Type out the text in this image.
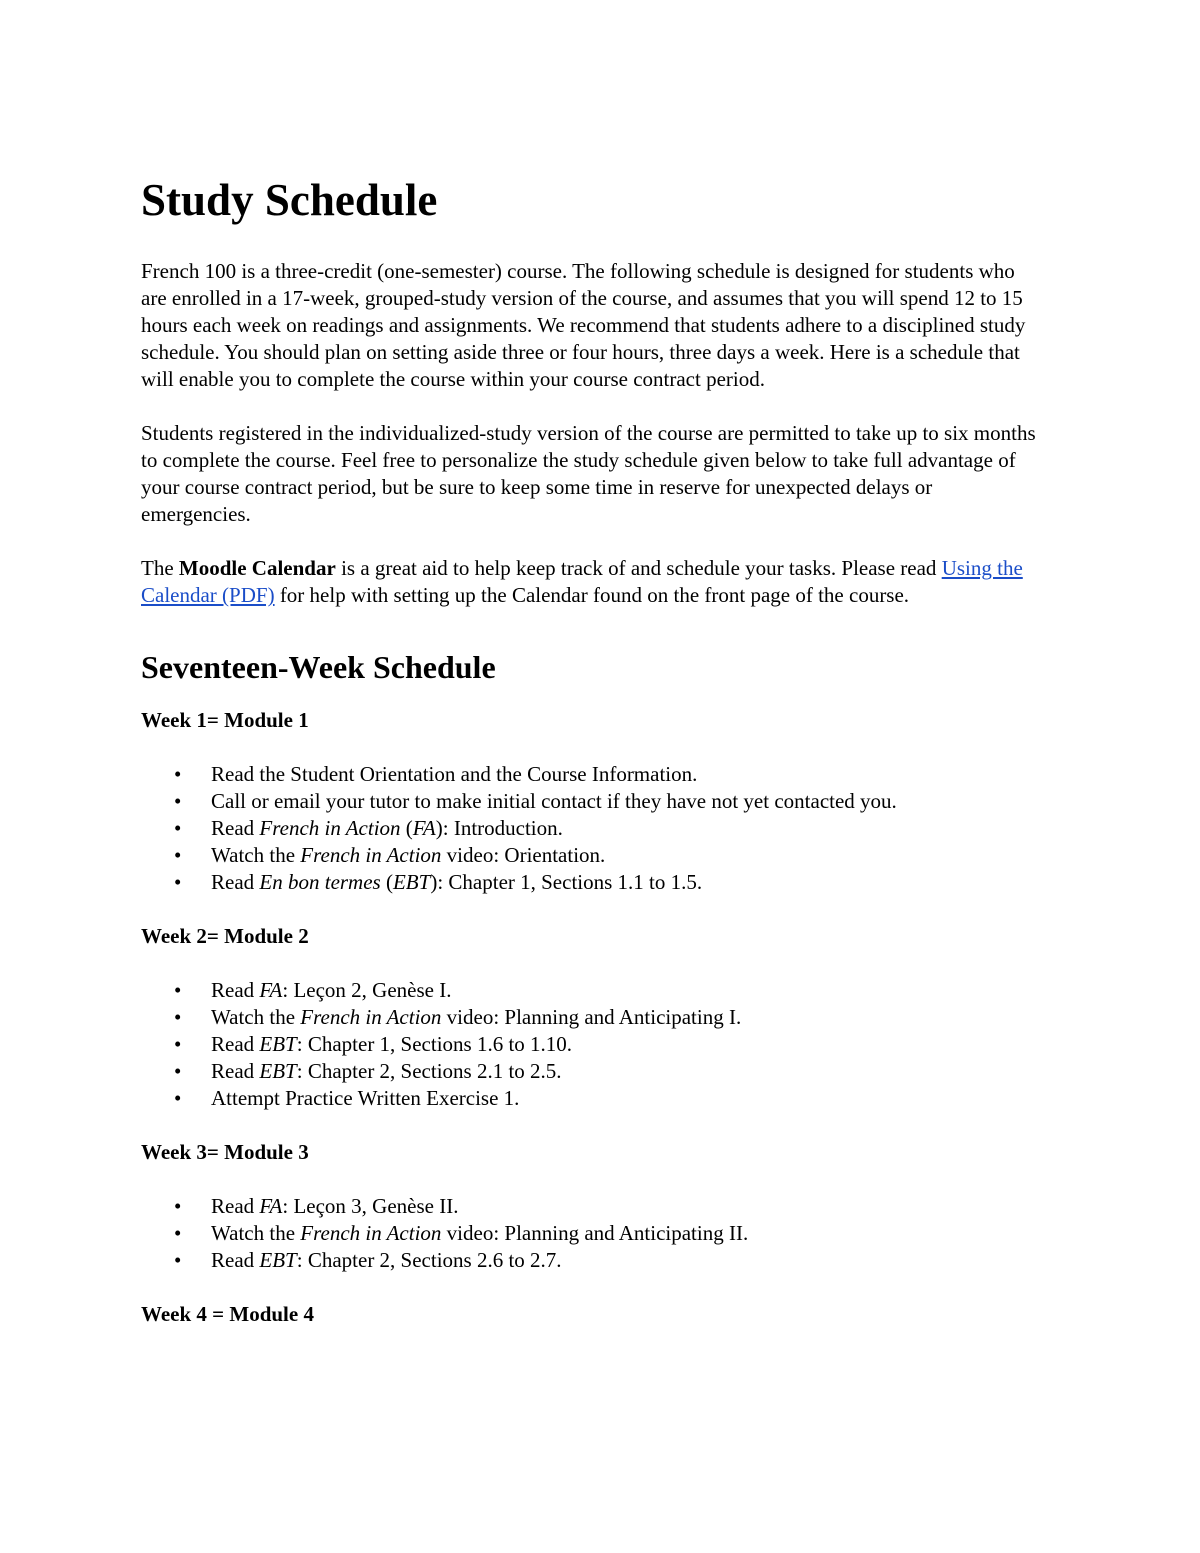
Study Schedule

French 100 is a three-credit (one-semester) course. The following schedule is designed for students who are enrolled in a 17-week, grouped-study version of the course, and assumes that you will spend 12 to 15 hours each week on readings and assignments. We recommend that students adhere to a disciplined study schedule. You should plan on setting aside three or four hours, three days a week. Here is a schedule that will enable you to complete the course within your course contract period.

Students registered in the individualized-study version of the course are permitted to take up to six months to complete the course. Feel free to personalize the study schedule given below to take full advantage of your course contract period, but be sure to keep some time in reserve for unexpected delays or emergencies.

The Moodle Calendar is a great aid to help keep track of and schedule your tasks. Please read Using the Calendar (PDF) for help with setting up the Calendar found on the front page of the course.

Seventeen-Week Schedule
Week 1= Module 1
• Read the Student Orientation and the Course Information.
• Call or email your tutor to make initial contact if they have not yet contacted you.
• Read French in Action (FA): Introduction.
• Watch the French in Action video: Orientation.
• Read En bon termes (EBT): Chapter 1, Sections 1.1 to 1.5.
Week 2= Module 2
• Read FA: Leçon 2, Genèse I.
• Watch the French in Action video: Planning and Anticipating I.
• Read EBT: Chapter 1, Sections 1.6 to 1.10.
• Read EBT: Chapter 2, Sections 2.1 to 2.5.
• Attempt Practice Written Exercise 1.
Week 3= Module 3
• Read FA: Leçon 3, Genèse II.
• Watch the French in Action video: Planning and Anticipating II.
• Read EBT: Chapter 2, Sections 2.6 to 2.7.
Week 4 = Module 4
